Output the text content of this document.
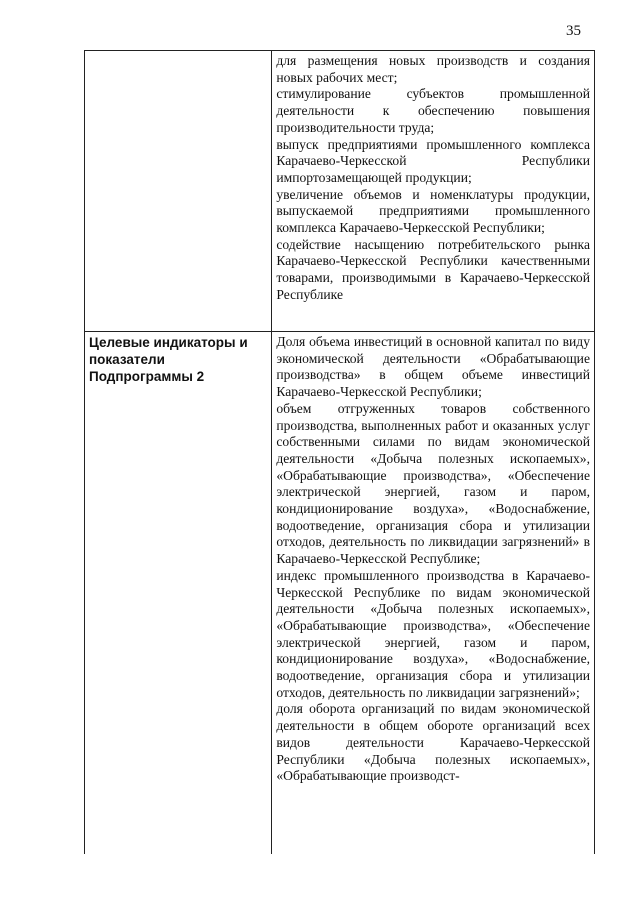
35

	для размещения новых производств и создания новых рабочих мест;
стимулирование субъектов промышленной деятельности к обеспечению повышения производительности труда;
выпуск предприятиями промышленного комплекса Карачаево-Черкесской Республики импортозамещающей продукции;
увеличение объемов и номенклатуры продукции, выпускаемой предприятиями промышленного комплекса Карачаево-Черкесской Республики;
содействие насыщению потребительского рынка Карачаево-Черкесской Республики качественными товарами, производимыми в Карачаево-Черкесской Республике

Целевые индикаторы и показатели Подпрограммы 2	Доля объема инвестиций в основной капитал по виду экономической деятельности «Обрабатывающие производства» в общем объеме инвестиций Карачаево-Черкесской Республики;
объем отгруженных товаров собственного производства, выполненных работ и оказанных услуг собственными силами по видам экономической деятельности «Добыча полезных ископаемых», «Обрабатывающие производства», «Обеспечение электрической энергией, газом и паром, кондиционирование воздуха», «Водоснабжение, водоотведение, организация сбора и утилизации отходов, деятельность по ликвидации загрязнений» в Карачаево-Черкесской Республике;
индекс промышленного производства в Карачаево-Черкесской Республике по видам экономической деятельности «Добыча полезных ископаемых», «Обрабатывающие производства», «Обеспечение электрической энергией, газом и паром, кондиционирование воздуха», «Водоснабжение, водоотведение, организация сбора и утилизации отходов, деятельность по ликвидации загрязнений»;
доля оборота организаций по видам экономической деятельности в общем обороте организаций всех видов деятельности Карачаево-Черкесской Республики «Добыча полезных ископаемых», «Обрабатывающие производст-
